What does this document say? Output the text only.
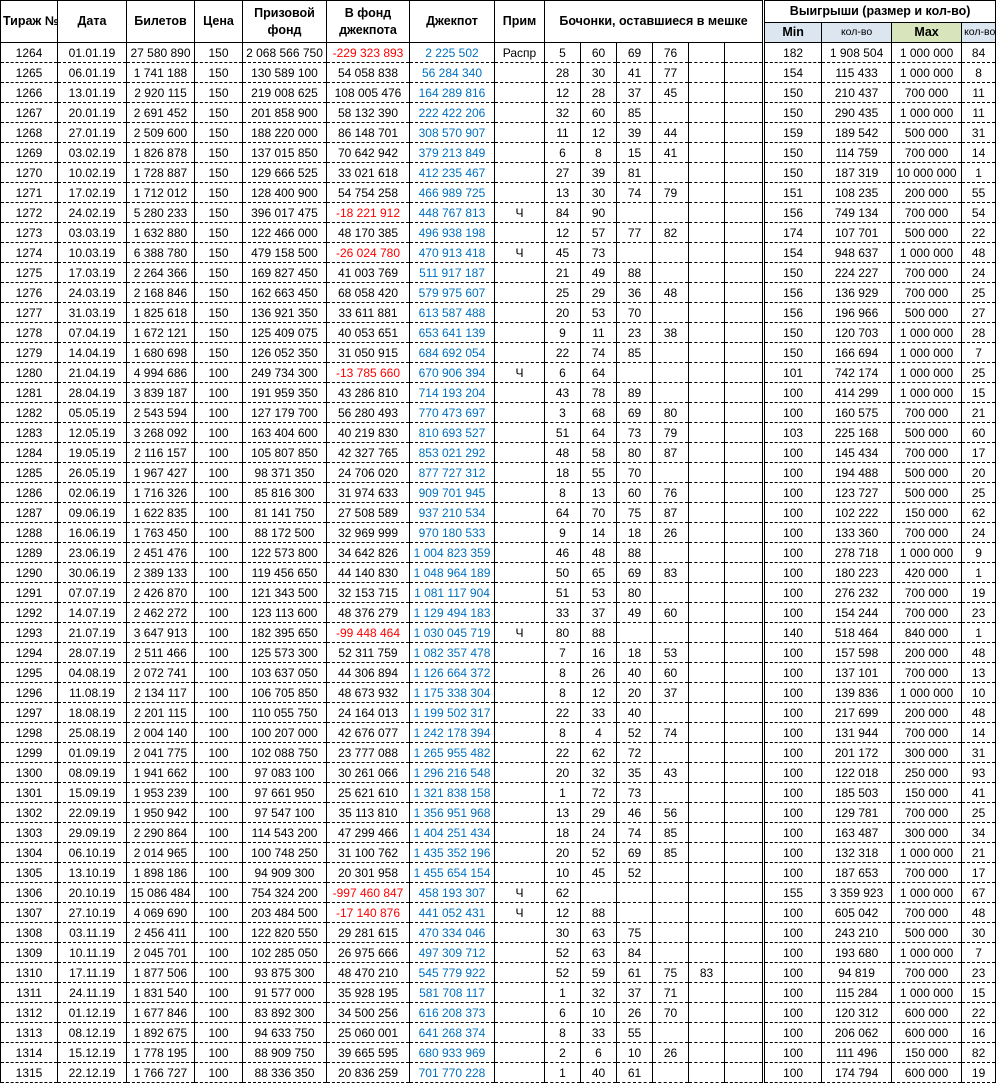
Тираж №	Дата	Билетов	Цена	Призовой фонд	В фонд джекпота	Джекпот	Прим	Бочонки, оставшиеся в мешке						Выигрыши (размер и кол-во)			
														Min	кол-во	Max	кол-во
1264	01.01.19	27 580 890	150	2 068 566 750	-229 323 893	2 225 502	Распр	5	60	69	76			182	1 908 504	1 000 000	84
1265	06.01.19	1 741 188	150	130 589 100	54 058 838	56 284 340		28	30	41	77			154	115 433	1 000 000	8
1266	13.01.19	2 920 115	150	219 008 625	108 005 476	164 289 816		12	28	37	45			150	210 437	700 000	11
1267	20.01.19	2 691 452	150	201 858 900	58 132 390	222 422 206		32	60	85				150	290 435	1 000 000	11
1268	27.01.19	2 509 600	150	188 220 000	86 148 701	308 570 907		11	12	39	44			159	189 542	500 000	31
1269	03.02.19	1 826 878	150	137 015 850	70 642 942	379 213 849		6	8	15	41			150	114 759	700 000	14
1270	10.02.19	1 728 887	150	129 666 525	33 021 618	412 235 467		27	39	81				150	187 319	10 000 000	1
1271	17.02.19	1 712 012	150	128 400 900	54 754 258	466 989 725		13	30	74	79			151	108 235	200 000	55
1272	24.02.19	5 280 233	150	396 017 475	-18 221 912	448 767 813	Ч	84	90					156	749 134	700 000	54
1273	03.03.19	1 632 880	150	122 466 000	48 170 385	496 938 198		12	57	77	82			174	107 701	500 000	22
1274	10.03.19	6 388 780	150	479 158 500	-26 024 780	470 913 418	Ч	45	73					154	948 637	1 000 000	48
1275	17.03.19	2 264 366	150	169 827 450	41 003 769	511 917 187		21	49	88				150	224 227	700 000	24
1276	24.03.19	2 168 846	150	162 663 450	68 058 420	579 975 607		25	29	36	48			156	136 929	700 000	25
1277	31.03.19	1 825 618	150	136 921 350	33 611 881	613 587 488		20	53	70				156	196 966	500 000	27
1278	07.04.19	1 672 121	150	125 409 075	40 053 651	653 641 139		9	11	23	38			150	120 703	1 000 000	28
1279	14.04.19	1 680 698	150	126 052 350	31 050 915	684 692 054		22	74	85				150	166 694	1 000 000	7
1280	21.04.19	4 994 686	100	249 734 300	-13 785 660	670 906 394	Ч	6	64					101	742 174	1 000 000	25
1281	28.04.19	3 839 187	100	191 959 350	43 286 810	714 193 204		43	78	89				100	414 299	1 000 000	15
1282	05.05.19	2 543 594	100	127 179 700	56 280 493	770 473 697		3	68	69	80			100	160 575	700 000	21
1283	12.05.19	3 268 092	100	163 404 600	40 219 830	810 693 527		51	64	73	79			103	225 168	500 000	60
1284	19.05.19	2 116 157	100	105 807 850	42 327 765	853 021 292		48	58	80	87			100	145 434	700 000	17
1285	26.05.19	1 967 427	100	98 371 350	24 706 020	877 727 312		18	55	70				100	194 488	500 000	20
1286	02.06.19	1 716 326	100	85 816 300	31 974 633	909 701 945		8	13	60	76			100	123 727	500 000	25
1287	09.06.19	1 622 835	100	81 141 750	27 508 589	937 210 534		64	70	75	87			100	102 222	150 000	62
1288	16.06.19	1 763 450	100	88 172 500	32 969 999	970 180 533		9	14	18	26			100	133 360	700 000	24
1289	23.06.19	2 451 476	100	122 573 800	34 642 826	1 004 823 359		46	48	88				100	278 718	1 000 000	9
1290	30.06.19	2 389 133	100	119 456 650	44 140 830	1 048 964 189		50	65	69	83			100	180 223	420 000	1
1291	07.07.19	2 426 870	100	121 343 500	32 153 715	1 081 117 904		51	53	80				100	276 232	700 000	19
1292	14.07.19	2 462 272	100	123 113 600	48 376 279	1 129 494 183		33	37	49	60			100	154 244	700 000	23
1293	21.07.19	3 647 913	100	182 395 650	-99 448 464	1 030 045 719	Ч	80	88					140	518 464	840 000	1
1294	28.07.19	2 511 466	100	125 573 300	52 311 759	1 082 357 478		7	16	18	53			100	157 598	200 000	48
1295	04.08.19	2 072 741	100	103 637 050	44 306 894	1 126 664 372		8	26	40	60			100	137 101	700 000	13
1296	11.08.19	2 134 117	100	106 705 850	48 673 932	1 175 338 304		8	12	20	37			100	139 836	1 000 000	10
1297	18.08.19	2 201 115	100	110 055 750	24 164 013	1 199 502 317		22	33	40				100	217 699	200 000	48
1298	25.08.19	2 004 140	100	100 207 000	42 676 077	1 242 178 394		8	4	52	74			100	131 944	700 000	14
1299	01.09.19	2 041 775	100	102 088 750	23 777 088	1 265 955 482		22	62	72				100	201 172	300 000	31
1300	08.09.19	1 941 662	100	97 083 100	30 261 066	1 296 216 548		20	32	35	43			100	122 018	250 000	93
1301	15.09.19	1 953 239	100	97 661 950	25 621 610	1 321 838 158		1	72	73				100	185 503	150 000	41
1302	22.09.19	1 950 942	100	97 547 100	35 113 810	1 356 951 968		13	29	46	56			100	129 781	700 000	25
1303	29.09.19	2 290 864	100	114 543 200	47 299 466	1 404 251 434		18	24	74	85			100	163 487	300 000	34
1304	06.10.19	2 014 965	100	100 748 250	31 100 762	1 435 352 196		20	52	69	85			100	132 318	1 000 000	21
1305	13.10.19	1 898 186	100	94 909 300	20 301 958	1 455 654 154		10	45	52				100	187 653	700 000	17
1306	20.10.19	15 086 484	100	754 324 200	-997 460 847	458 193 307	Ч	62						155	3 359 923	1 000 000	67
1307	27.10.19	4 069 690	100	203 484 500	-17 140 876	441 052 431	Ч	12	88					100	605 042	700 000	48
1308	03.11.19	2 456 411	100	122 820 550	29 281 615	470 334 046		30	63	75				100	243 210	500 000	30
1309	10.11.19	2 045 701	100	102 285 050	26 975 666	497 309 712		52	63	84				100	193 680	1 000 000	7
1310	17.11.19	1 877 506	100	93 875 300	48 470 210	545 779 922		52	59	61	75	83		100	94 819	700 000	23
1311	24.11.19	1 831 540	100	91 577 000	35 928 195	581 708 117		1	32	37	71			100	115 284	1 000 000	15
1312	01.12.19	1 677 846	100	83 892 300	34 500 256	616 208 373		6	10	26	70			100	120 312	600 000	22
1313	08.12.19	1 892 675	100	94 633 750	25 060 001	641 268 374		8	33	55				100	206 062	600 000	16
1314	15.12.19	1 778 195	100	88 909 750	39 665 595	680 933 969		2	6	10	26			100	111 496	150 000	82
1315	22.12.19	1 766 727	100	88 336 350	20 836 259	701 770 228		1	40	61				100	174 794	600 000	19
